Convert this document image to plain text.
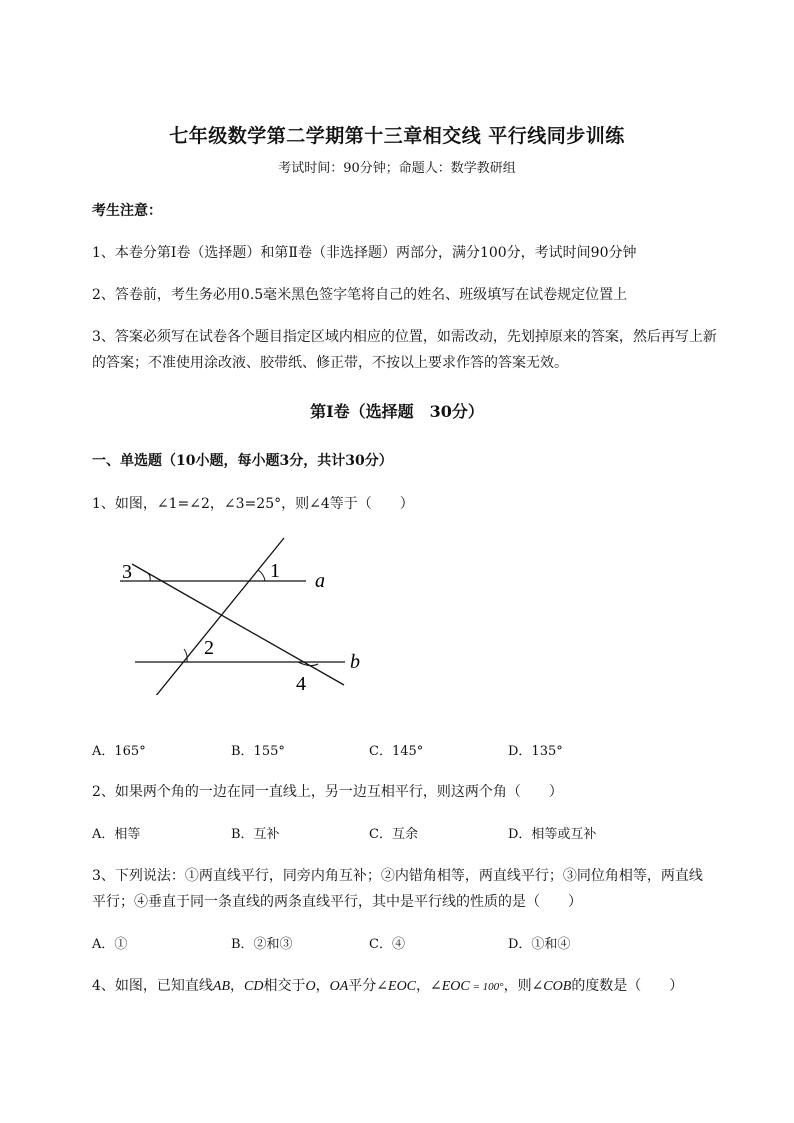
七年级数学第二学期第十三章相交线 平行线同步训练
考试时间：90分钟；命题人：数学教研组
考生注意：
1、本卷分第I卷（选择题）和第Ⅱ卷（非选择题）两部分，满分100分，考试时间90分钟
2、答卷前，考生务必用0.5毫米黑色签字笔将自己的姓名、班级填写在试卷规定位置上
3、答案必须写在试卷各个题目指定区域内相应的位置，如需改动，先划掉原来的答案，然后再写上新
的答案；不准使用涂改液、胶带纸、修正带，不按以上要求作答的答案无效。
第I卷（选择题　30分）
一、单选题（10小题，每小题3分，共计30分）
1、如图，∠1=∠2，∠3=25°，则∠4等于（　　）
3	1 a
2
b
4
A．165°	B．155°	C．145°	D．135°
2、如果两个角的一边在同一直线上，另一边互相平行，则这两个角（　　）
A．相等	B．互补	C．互余	D．相等或互补
3、下列说法：①两直线平行，同旁内角互补；②内错角相等，两直线平行；③同位角相等，两直线
平行；④垂直于同一条直线的两条直线平行，其中是平行线的性质的是（　　）
A．①	B．②和③	C．④	D．①和④
4、如图，已知直线AB，CD相交于O，OA平分∠EOC，∠EOC = 100°，则∠COB的度数是（　　）
